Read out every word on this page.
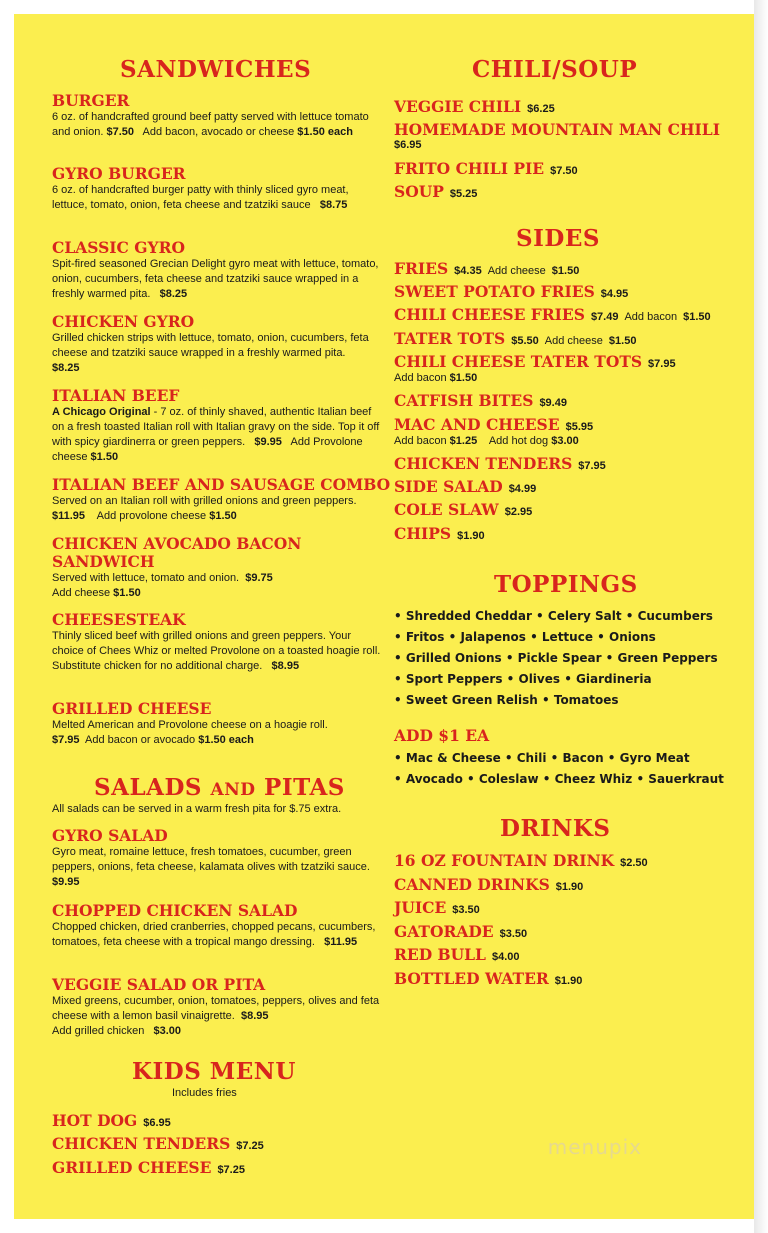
SANDWICHES
BURGER
6 oz. of handcrafted ground beef patty served with lettuce tomato and onion. $7.50 Add bacon, avocado or cheese $1.50 each
GYRO BURGER
6 oz. of handcrafted burger patty with thinly sliced gyro meat, lettuce, tomato, onion, feta cheese and tzatziki sauce $8.75
CLASSIC GYRO
Spit-fired seasoned Grecian Delight gyro meat with lettuce, tomato, onion, cucumbers, feta cheese and tzatziki sauce wrapped in a freshly warmed pita. $8.25
CHICKEN GYRO
Grilled chicken strips with lettuce, tomato, onion, cucumbers, feta cheese and tzatziki sauce wrapped in a freshly warmed pita.   $8.25
ITALIAN BEEF
A Chicago Original - 7 oz. of thinly shaved, authentic Italian beef on a fresh toasted Italian roll with Italian gravy on the side. Top it off with spicy giardinerra or green peppers. $9.95 Add Provolone cheese $1.50
ITALIAN BEEF AND SAUSAGE COMBO
Served on an Italian roll with grilled onions and green peppers. $11.95 Add provolone cheese $1.50
CHICKEN AVOCADO BACON SANDWICH
Served with lettuce, tomato and onion. $9.75
Add cheese $1.50
CHEESESTEAK
Thinly sliced beef with grilled onions and green peppers. Your choice of Chees Whiz or melted Provolone on a toasted hoagie roll. Substitute chicken for no additional charge. $8.95
GRILLED CHEESE
Melted American and Provolone cheese on a hoagie roll.
$7.95 Add bacon or avocado $1.50 each
SALADS AND PITAS
All salads can be served in a warm fresh pita for $.75 extra.
GYRO SALAD
Gyro meat, romaine lettuce, fresh tomatoes, cucumber, green peppers, onions, feta cheese, kalamata olives with tzatziki sauce.   $9.95
CHOPPED CHICKEN SALAD
Chopped chicken, dried cranberries, chopped pecans, cucumbers, tomatoes, feta cheese with a tropical mango dressing. $11.95
VEGGIE SALAD OR PITA
Mixed greens, cucumber, onion, tomatoes, peppers, olives and feta cheese with a lemon basil vinaigrette. $8.95
Add grilled chicken $3.00
KIDS MENU
Includes fries
HOT DOG $6.95
CHICKEN TENDERS $7.25
GRILLED CHEESE $7.25
CHILI/SOUP
VEGGIE CHILI $6.25
HOMEMADE MOUNTAIN MAN CHILI
$6.95
FRITO CHILI PIE $7.50
SOUP $5.25
SIDES
FRIES $4.35 Add cheese $1.50
SWEET POTATO FRIES $4.95
CHILI CHEESE FRIES $7.49 Add bacon $1.50
TATER TOTS $5.50 Add cheese $1.50
CHILI CHEESE TATER TOTS $7.95
Add bacon $1.50
CATFISH BITES $9.49
MAC AND CHEESE $5.95
Add bacon $1.25 Add hot dog $3.00
CHICKEN TENDERS $7.95
SIDE SALAD $4.99
COLE SLAW $2.95
CHIPS $1.90
TOPPINGS
• Shredded Cheddar • Celery Salt • Cucumbers
• Fritos • Jalapenos • Lettuce • Onions
• Grilled Onions • Pickle Spear • Green Peppers
• Sport Peppers • Olives • Giardineria
• Sweet Green Relish • Tomatoes
ADD $1 EA
• Mac & Cheese • Chili • Bacon • Gyro Meat
• Avocado • Coleslaw • Cheez Whiz • Sauerkraut
DRINKS
16 OZ FOUNTAIN DRINK $2.50
CANNED DRINKS $1.90
JUICE $3.50
GATORADE $3.50
RED BULL $4.00
BOTTLED WATER $1.90
menupix
